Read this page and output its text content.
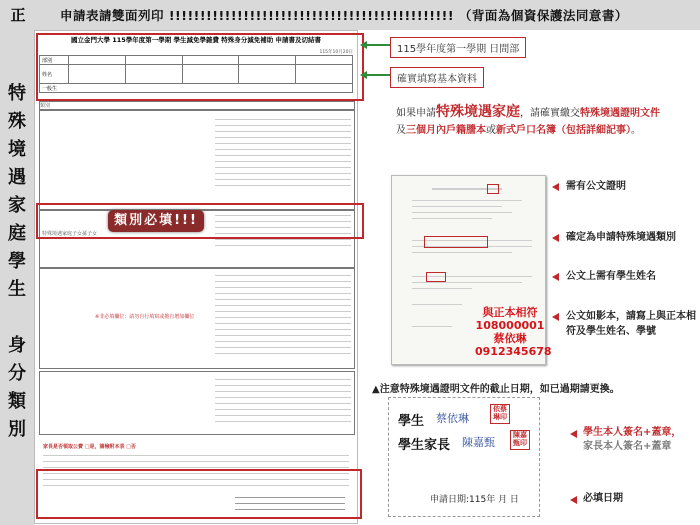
正	申請表請雙面列印 !!!!!!!!!!!!!!!!!!!!!!!!!!!!!!!!!!!!!!!!!!!!!! （背面為個資保護法同意書）
特
殊
境
遇
家
庭
學
生

身
分
類
別
國立金門大學 115學年度第一學期 學生減免學雜費 特殊身分減免補助 申請書及切結書
115年10月20日
部別					
姓名					
一般生					
類別
特殊境遇家庭子女孫子女
※非必填欄位：請勿自行填寫或擅自增加欄位
家長是否領取公費 □是，請檢附本表 □否
類別必填!!!
115學年度第一學期 日間部
確實填寫基本資料
如果申請特殊境遇家庭，請確實繳交特殊境遇證明文件
及三個月內戶籍謄本或新式戶口名簿（包括詳細記事）。
與正本相符
108000001
蔡依琳
0912345678
需有公文證明
確定為申請特殊境遇類別
公文上需有學生姓名
公文如影本，請寫上與正本相符及學生姓名、學號
▲注意特殊境遇證明文件的截止日期，如已過期請更換。
學生 蔡依琳
依蔡琳印
學生家長 陳嘉甄
陳嘉甄印
申請日期:115年 月 日
學生本人簽名+蓋章，
家長本人簽名+蓋章
必填日期
